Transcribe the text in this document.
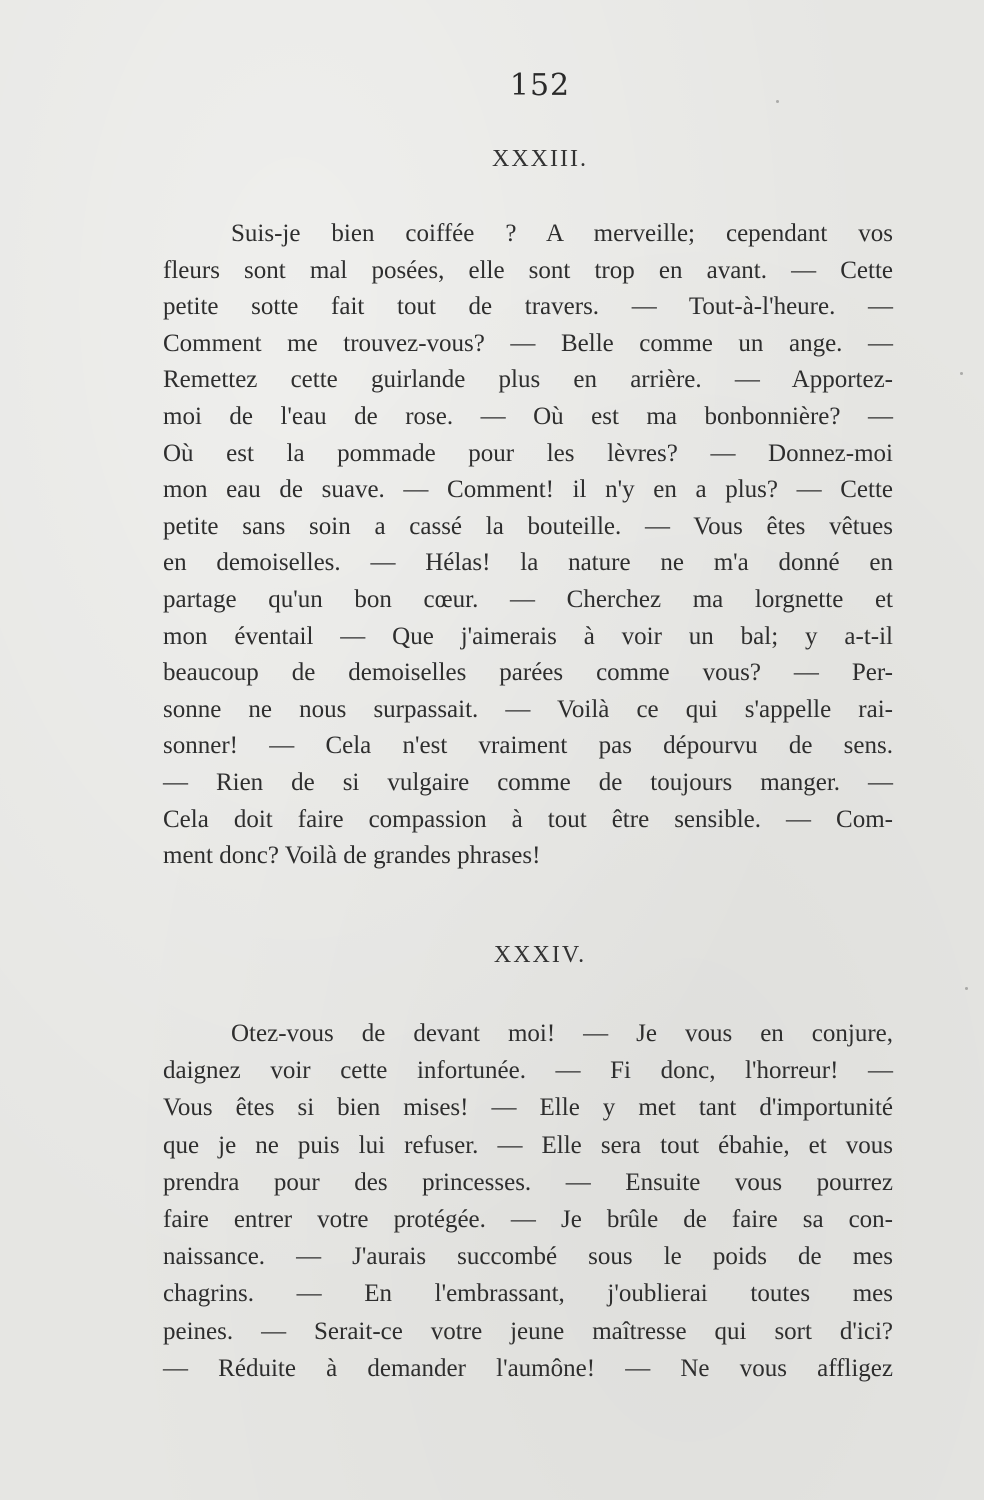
152
XXXIII.
Suis-je bien coiffée ? A merveille; cependant vos
fleurs sont mal posées, elle sont trop en avant. — Cette
petite sotte fait tout de travers. — Tout-à-l'heure. —
Comment me trouvez-vous? — Belle comme un ange. —
Remettez cette guirlande plus en arrière. — Apportez-
moi de l'eau de rose. — Où est ma bonbonnière? —
Où est la pommade pour les lèvres? — Donnez-moi
mon eau de suave. — Comment! il n'y en a plus? — Cette
petite sans soin a cassé la bouteille. — Vous êtes vêtues
en demoiselles. — Hélas! la nature ne m'a donné en
partage qu'un bon cœur. — Cherchez ma lorgnette et
mon éventail — Que j'aimerais à voir un bal; y a-t-il
beaucoup de demoiselles parées comme vous? — Per-
sonne ne nous surpassait. — Voilà ce qui s'appelle rai-
sonner! — Cela n'est vraiment pas dépourvu de sens.
— Rien de si vulgaire comme de toujours manger. —
Cela doit faire compassion à tout être sensible. — Com-
ment donc? Voilà de grandes phrases!
XXXIV.
Otez-vous de devant moi! — Je vous en conjure,
daignez voir cette infortunée. — Fi donc, l'horreur! —
Vous êtes si bien mises! — Elle y met tant d'importunité
que je ne puis lui refuser. — Elle sera tout ébahie, et vous
prendra pour des princesses. — Ensuite vous pourrez
faire entrer votre protégée. — Je brûle de faire sa con-
naissance. — J'aurais succombé sous le poids de mes
chagrins. — En l'embrassant, j'oublierai toutes mes
peines. — Serait-ce votre jeune maîtresse qui sort d'ici?
— Réduite à demander l'aumône! — Ne vous affligez
